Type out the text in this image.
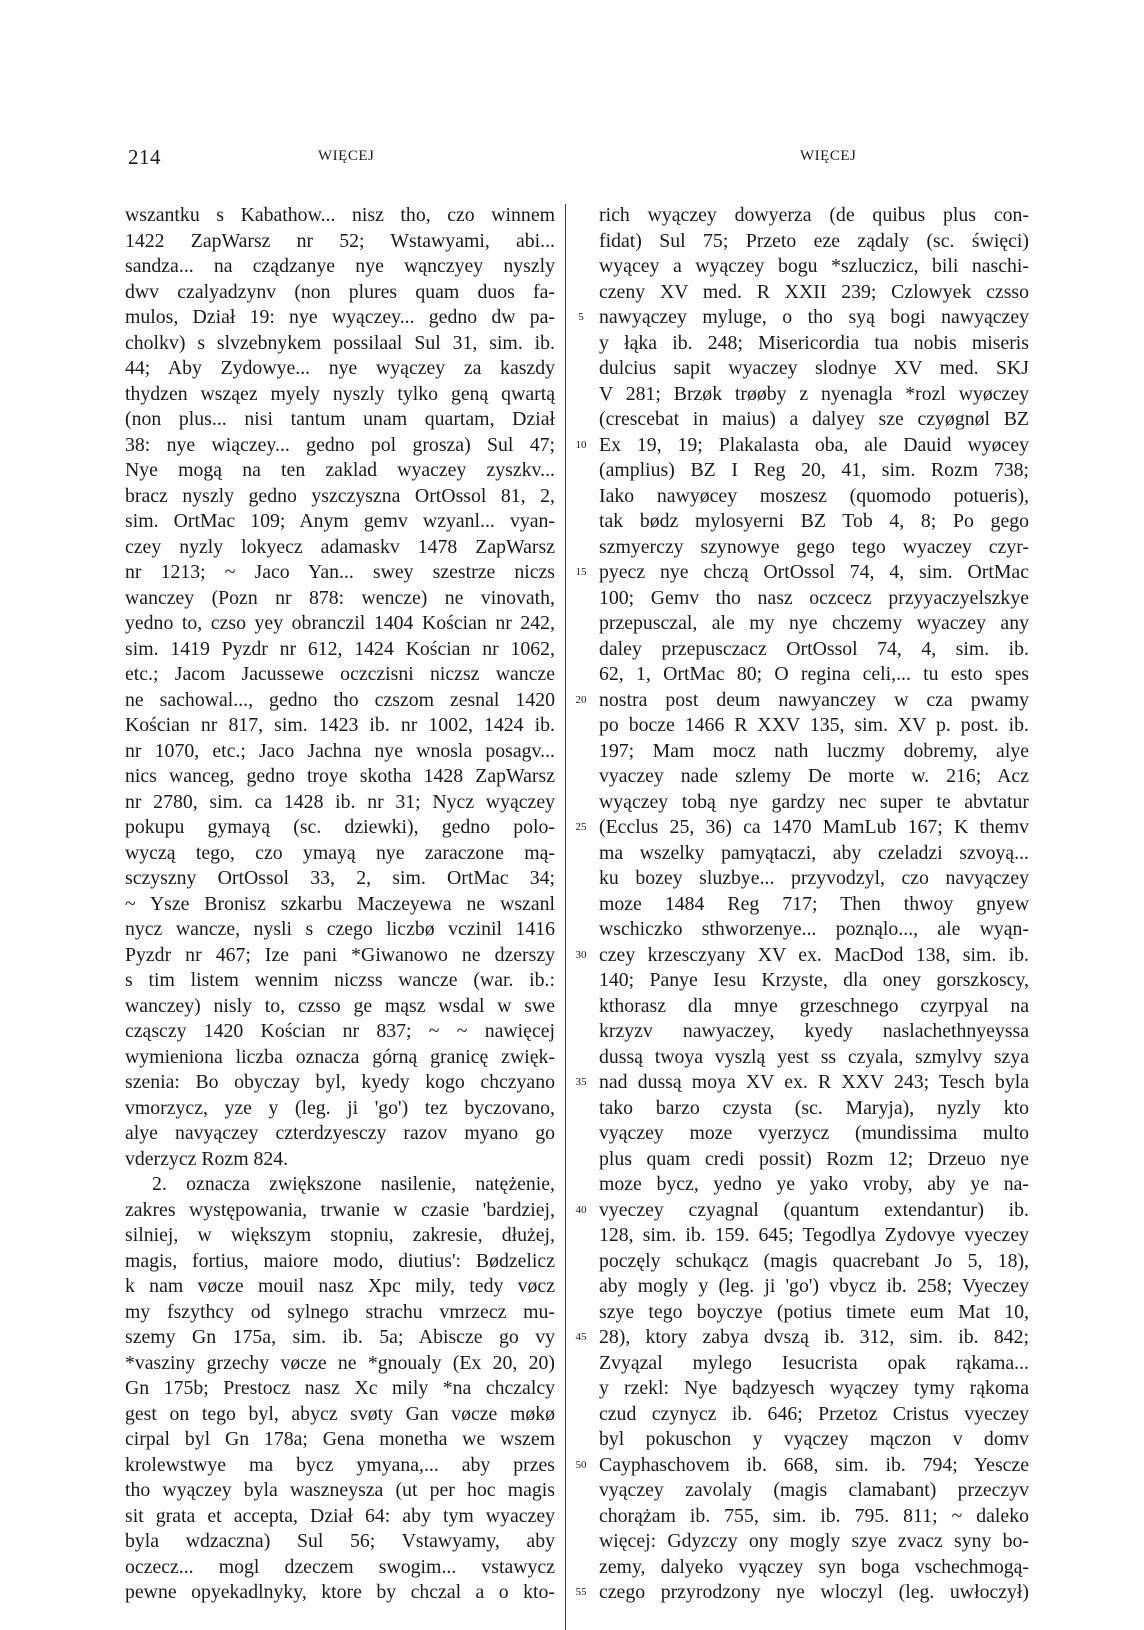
214	WIĘCEJ	WIĘCEJ
wszantku s Kabathow... nisz tho, czo winnem
1422 ZapWarsz nr 52; Wstawyami, abi...
sandza... na cządzanye nye wąnczyey nyszly
dwv czalyadzynv (non plures quam duos fa-
mulos, Dział 19: nye wyączey... gedno dw pa-
cholkv) s slvzebnykem possilaal Sul 31, sim. ib.
44; Aby Zydowye... nye wyączey za kaszdy
thydzen wsząez myely nyszly tylko geną qwartą
(non plus... nisi tantum unam quartam, Dział
38: nye wiączey... gedno pol grosza) Sul 47;
Nye mogą na ten zaklad wyaczey zyszkv...
bracz nyszly gedno yszczyszna OrtOssol 81, 2,
sim. OrtMac 109; Anym gemv wzyanl... vyan-
czey nyzly lokyecz adamaskv 1478 ZapWarsz
nr 1213; ~ Jaco Yan... swey szestrze niczs
wanczey (Pozn nr 878: wencze) ne vinovath,
yedno to, czso yey obranczil 1404 Kościan nr 242,
sim. 1419 Pyzdr nr 612, 1424 Kościan nr 1062,
etc.; Jacom Jacussewe oczczisni niczsz wancze
ne sachowal..., gedno tho czszom zesnal 1420
Kościan nr 817, sim. 1423 ib. nr 1002, 1424 ib.
nr 1070, etc.; Jaco Jachna nye wnosla posagv...
nics wanceg, gedno troye skotha 1428 ZapWarsz
nr 2780, sim. ca 1428 ib. nr 31; Nycz wyączey
pokupu gymayą (sc. dziewki), gedno polo-
wyczą tego, czo ymayą nye zaraczone mą-
sczyszny OrtOssol 33, 2, sim. OrtMac 34;
~ Ysze Bronisz szkarbu Maczeyewa ne wszanl
nycz wancze, nysli s czego liczbø vczinil 1416
Pyzdr nr 467; Ize pani *Giwanowo ne dzerszy
s tim listem wennim niczss wancze (war. ib.:
wanczey) nisly to, czsso ge mąsz wsdal w swe
cząsczy 1420 Kościan nr 837; ~ ~ nawięcej
wymieniona liczba oznacza górną granicę zwięk-
szenia: Bo obyczay byl, kyedy kogo chczyano
vmorzycz, yze y (leg. ji 'go') tez byczovano,
alye navyączey czterdzyesczy razov myano go
vderzycz Rozm 824.
2. oznacza zwiększone nasilenie, natężenie,
zakres występowania, trwanie w czasie 'bardziej,
silniej, w większym stopniu, zakresie, dłużej,
magis, fortius, maiore modo, diutius': Bødzelicz
k nam vøcze mouil nasz Xpc mily, tedy vøcz
my fszythcy od sylnego strachu vmrzecz mu-
szemy Gn 175a, sim. ib. 5a; Abiscze go vy
*vasziny grzechy vøcze ne *gnoualy (Ex 20, 20)
Gn 175b; Prestocz nasz Xc mily *na chczalcy
gest on tego byl, abycz svøty Gan vøcze møkø
cirpal byl Gn 178a; Gena monetha we wszem
krolewstwye ma bycz ymyana,... aby przes
tho wyączey byla waszneysza (ut per hoc magis
sit grata et accepta, Dział 64: aby tym wyaczey
byla wdzaczna) Sul 56; Vstawyamy, aby
oczecz... mogl dzeczem swogim... vstawycz
pewne opyekadlnyky, ktore by chczal a o kto-
5
10
15
20
25
30
35
40
45
50
55
rich wyączey dowyerza (de quibus plus con-
fidat) Sul 75; Przeto eze ządaly (sc. święci)
wyącey a wyączey bogu *szluczicz, bili naschi-
czeny XV med. R XXII 239; Czlowyek czsso
nawyączey myluge, o tho syą bogi nawyączey
y łąka ib. 248; Misericordia tua nobis miseris
dulcius sapit wyaczey slodnye XV med. SKJ
V 281; Brzøk trøøby z nyenagla *rozl wyøczey
(crescebat in maius) a dalyey sze czyøgnøl BZ
Ex 19, 19; Plakalasta oba, ale Dauid wyøcey
(amplius) BZ I Reg 20, 41, sim. Rozm 738;
Iako nawyøcey moszesz (quomodo potueris),
tak bødz mylosyerni BZ Tob 4, 8; Po gego
szmyerczy szynowye gego tego wyaczey czyr-
pyecz nye chczą OrtOssol 74, 4, sim. OrtMac
100; Gemv tho nasz oczcecz przyyaczyelszkye
przepusczal, ale my nye chczemy wyaczey any
daley przepusczacz OrtOssol 74, 4, sim. ib.
62, 1, OrtMac 80; O regina celi,... tu esto spes
nostra post deum nawyanczey w cza pwamy
po bocze 1466 R XXV 135, sim. XV p. post. ib.
197; Mam mocz nath luczmy dobremy, alye
vyaczey nade szlemy De morte w. 216; Acz
wyączey tobą nye gardzy nec super te abvtatur
(Ecclus 25, 36) ca 1470 MamLub 167; K themv
ma wszelky pamyątaczi, aby czeladzi szvoyą...
ku bozey sluzbye... przyvodzyl, czo navyączey
moze 1484 Reg 717; Then thwoy gnyew
wschiczko sthworzenye... poznąlo..., ale wyąn-
czey krzesczyany XV ex. MacDod 138, sim. ib.
140; Panye Iesu Krzyste, dla oney gorszkoscy,
kthorasz dla mnye grzeschnego czyrpyal na
krzyzv nawyaczey, kyedy naslachethnyeyssa
dussą twoya vyszlą yest ss czyala, szmylvy szya
nad dussą moya XV ex. R XXV 243; Tesch byla
tako barzo czysta (sc. Maryja), nyzly kto
vyączey moze vyerzycz (mundissima multo
plus quam credi possit) Rozm 12; Drzeuo nye
moze bycz, yedno ye yako vroby, aby ye na-
vyeczey czyagnal (quantum extendantur) ib.
128, sim. ib. 159. 645; Tegodlya Zydovye vyeczey
poczęly schukącz (magis quacrebant Jo 5, 18),
aby mogly y (leg. ji 'go') vbycz ib. 258; Vyeczey
szye tego boyczye (potius timete eum Mat 10,
28), ktory zabya dvszą ib. 312, sim. ib. 842;
Zvyązal mylego Iesucrista opak rąkama...
y rzekl: Nye bądzyesch wyączey tymy rąkoma
czud czynycz ib. 646; Przetoz Cristus vyeczey
byl pokuschon y vyączey mączon v domv
Cayphaschovem ib. 668, sim. ib. 794; Yescze
vyączey zavolaly (magis clamabant) przeczyv
chorążam ib. 755, sim. ib. 795. 811; ~ daleko
więcej: Gdyzczy ony mogly szye zvacz syny bo-
zemy, dalyeko vyączey syn boga vschechmogą-
czego przyrodzony nye wloczyl (leg. uwłoczył)
